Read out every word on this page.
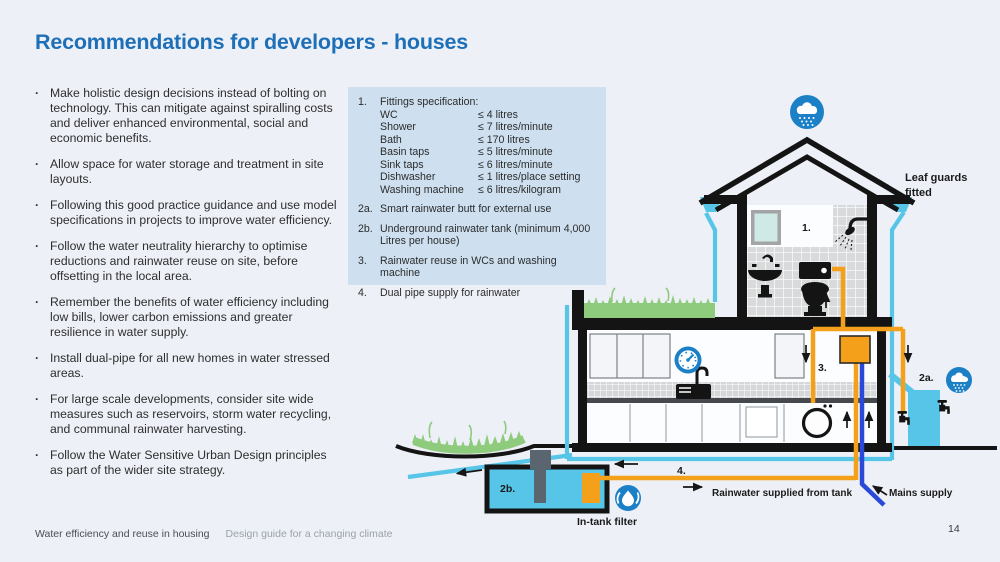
Recommendations for developers - houses
·
Make holistic design decisions instead of bolting on technology. This can mitigate against spiralling costs and deliver enhanced environmental, social and economic benefits.
·
Allow space for water storage and treatment in site layouts.
·
Following this good practice guidance and use model specifications in projects to improve water efficiency.
·
Follow the water neutrality hierarchy to optimise reductions and rainwater reuse on site, before offsetting in the local area.
·
Remember the benefits of water efficiency including low bills, lower carbon emissions and greater resilience in water supply.
·
Install dual-pipe for all new homes in water stressed areas.
·
For large scale developments, consider site wide measures such as reservoirs, storm water recycling, and communal rainwater harvesting.
·
Follow the Water Sensitive Urban Design principles as part of the wider site strategy.
1.	Fittings specification:
WC	≤ 4 litres
Shower	≤ 7 litres/minute
Bath	≤ 170 litres
Basin taps	≤ 5 litres/minute
Sink taps	≤ 6 litres/minute
Dishwasher	≤ 1 litres/place setting
Washing machine	≤ 6 litres/kilogram
2a. Smart rainwater butt for external use
2b. Underground rainwater tank (minimum 4,000 Litres per house)
3.	Rainwater reuse in WCs and washing machine
4.	Dual pipe supply for rainwater
Leaf guards
fitted
1.
3.
2a.
2b.
4.
Rainwater supplied from tank	Mains supply
In-tank filter
Water efficiency and reuse in housing Design guide for a changing climate	14
